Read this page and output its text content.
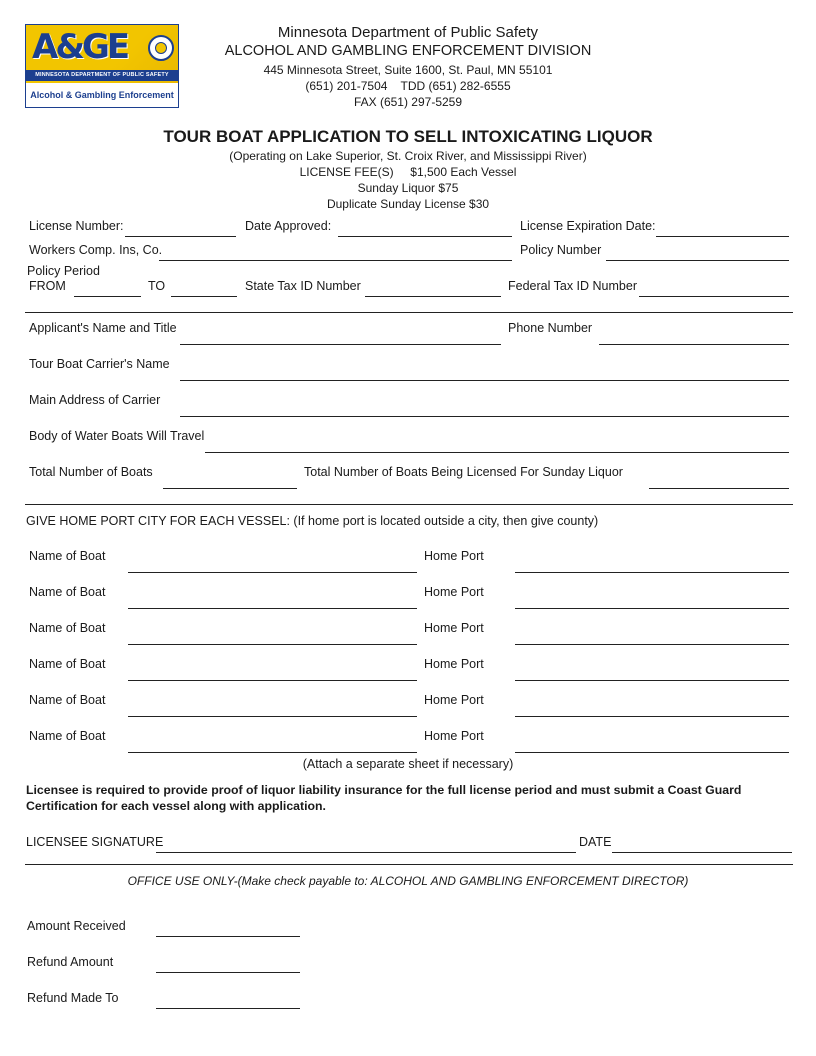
A&GE
MINNESOTA DEPARTMENT OF PUBLIC SAFETY
Alcohol & Gambling Enforcement
Minnesota Department of Public Safety
ALCOHOL AND GAMBLING ENFORCEMENT DIVISION
445 Minnesota Street, Suite 1600, St. Paul, MN 55101
(651) 201-7504    TDD (651) 282-6555
FAX (651) 297-5259
TOUR BOAT APPLICATION TO SELL INTOXICATING LIQUOR
(Operating on Lake Superior, St. Croix River, and Mississippi River)
LICENSE FEE(S)     $1,500 Each Vessel
Sunday Liquor $75
Duplicate Sunday License $30
License Number:	Date Approved:	License Expiration Date:
Workers Comp. Ins, Co.	Policy Number
Policy Period
FROM	TO	State Tax ID Number	Federal Tax ID Number
Applicant's Name and Title	Phone Number
Tour Boat Carrier's Name
Main Address of Carrier
Body of Water Boats Will Travel
Total Number of Boats	Total Number of Boats Being Licensed For Sunday Liquor
GIVE HOME PORT CITY FOR EACH VESSEL: (If home port is located outside a city, then give county)
Name of Boat	Home Port
Name of Boat	Home Port
Name of Boat	Home Port
Name of Boat	Home Port
Name of Boat	Home Port
Name of Boat	Home Port
(Attach a separate sheet if necessary)
Licensee is required to provide proof of liquor liability insurance for the full license period and must submit a Coast Guard Certification for each vessel along with application.
LICENSEE SIGNATURE	DATE
OFFICE USE ONLY-(Make check payable to: ALCOHOL AND GAMBLING ENFORCEMENT DIRECTOR)
Amount Received
Refund Amount
Refund Made To
